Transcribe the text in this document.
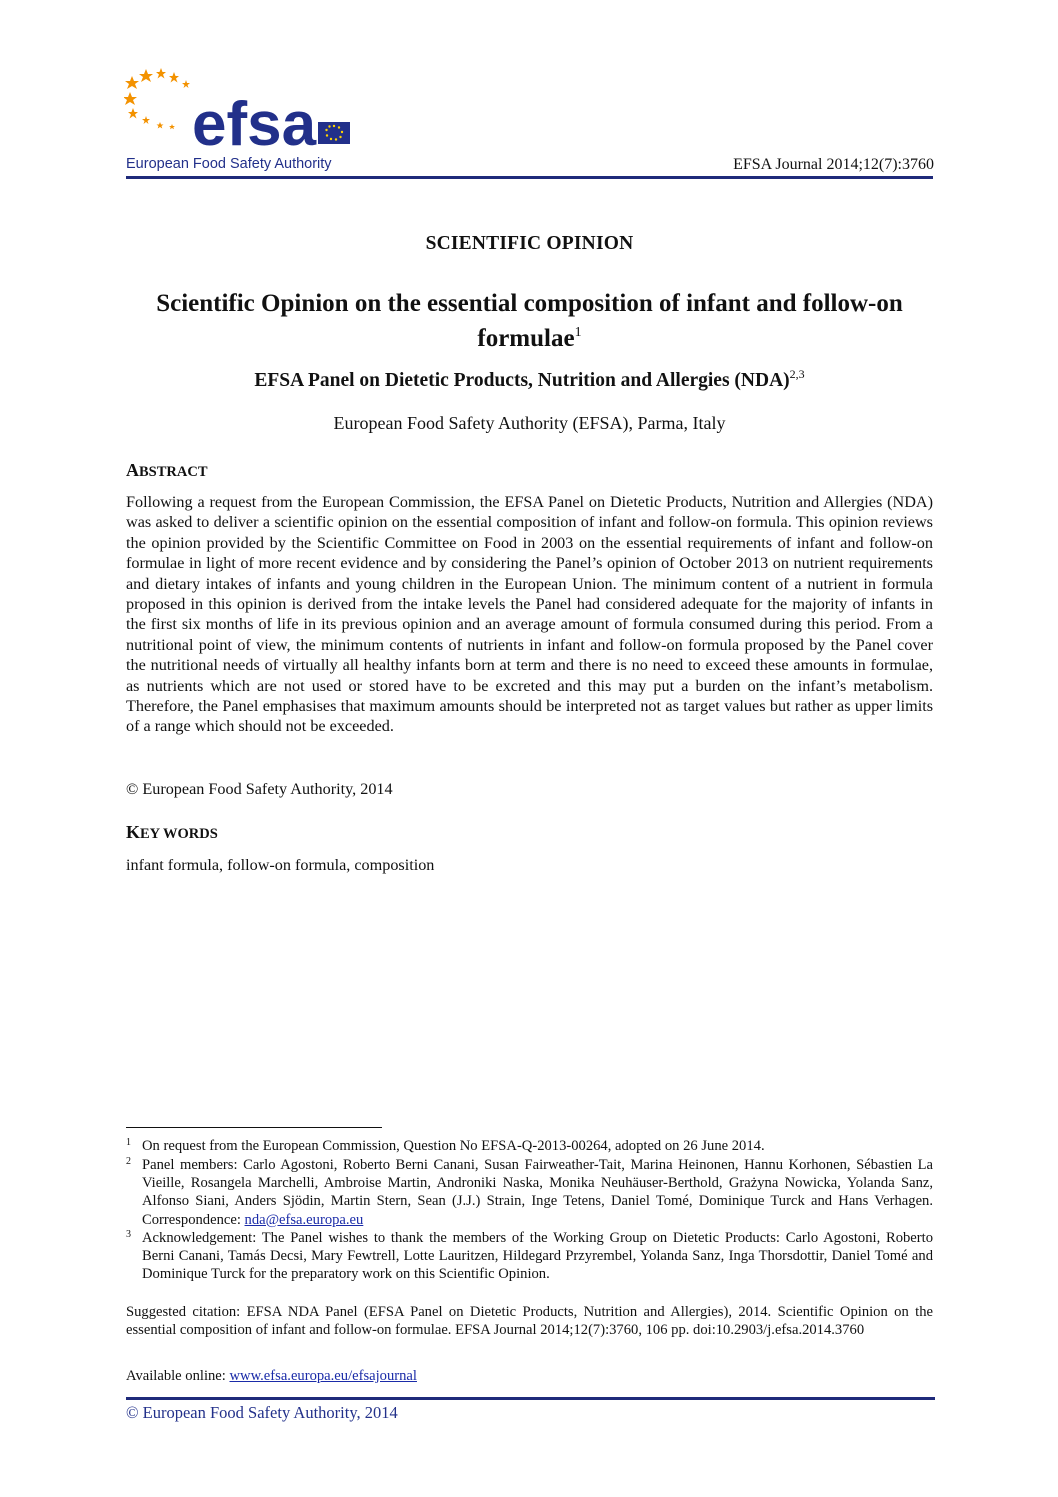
efsa
European Food Safety Authority	EFSA Journal 2014;12(7):3760
SCIENTIFIC OPINION
Scientific Opinion on the essential composition of infant and follow-on
formulae$^1$
EFSA Panel on Dietetic Products, Nutrition and Allergies (NDA)$^{2,3}$
European Food Safety Authority (EFSA), Parma, Italy
ABSTRACT
Following a request from the European Commission, the EFSA Panel on Dietetic Products, Nutrition and Allergies (NDA) was asked to deliver a scientific opinion on the essential composition of infant and follow-on formula. This opinion reviews the opinion provided by the Scientific Committee on Food in 2003 on the essential requirements of infant and follow-on formulae in light of more recent evidence and by considering the Panel’s opinion of October 2013 on nutrient requirements and dietary intakes of infants and young children in the European Union. The minimum content of a nutrient in formula proposed in this opinion is derived from the intake levels the Panel had considered adequate for the majority of infants in the first six months of life in its previous opinion and an average amount of formula consumed during this period. From a nutritional point of view, the minimum contents of nutrients in infant and follow-on formula proposed by the Panel cover the nutritional needs of virtually all healthy infants born at term and there is no need to exceed these amounts in formulae, as nutrients which are not used or stored have to be excreted and this may put a burden on the infant’s metabolism. Therefore, the Panel emphasises that maximum amounts should be interpreted not as target values but rather as upper limits of a range which should not be exceeded.
© European Food Safety Authority, 2014
KEY WORDS
infant formula, follow-on formula, composition
1 On request from the European Commission, Question No EFSA-Q-2013-00264, adopted on 26 June 2014.
2 Panel members: Carlo Agostoni, Roberto Berni Canani, Susan Fairweather-Tait, Marina Heinonen, Hannu Korhonen, Sébastien La Vieille, Rosangela Marchelli, Ambroise Martin, Androniki Naska, Monika Neuhäuser-Berthold, Grażyna Nowicka, Yolanda Sanz, Alfonso Siani, Anders Sjödin, Martin Stern, Sean (J.J.) Strain, Inge Tetens, Daniel Tomé, Dominique Turck and Hans Verhagen. Correspondence: nda@efsa.europa.eu
3 Acknowledgement: The Panel wishes to thank the members of the Working Group on Dietetic Products: Carlo Agostoni, Roberto Berni Canani, Tamás Decsi, Mary Fewtrell, Lotte Lauritzen, Hildegard Przyrembel, Yolanda Sanz, Inga Thorsdottir, Daniel Tomé and Dominique Turck for the preparatory work on this Scientific Opinion.
Suggested citation: EFSA NDA Panel (EFSA Panel on Dietetic Products, Nutrition and Allergies), 2014. Scientific Opinion on the essential composition of infant and follow-on formulae. EFSA Journal 2014;12(7):3760, 106 pp. doi:10.2903/j.efsa.2014.3760
Available online: www.efsa.europa.eu/efsajournal
© European Food Safety Authority, 2014
